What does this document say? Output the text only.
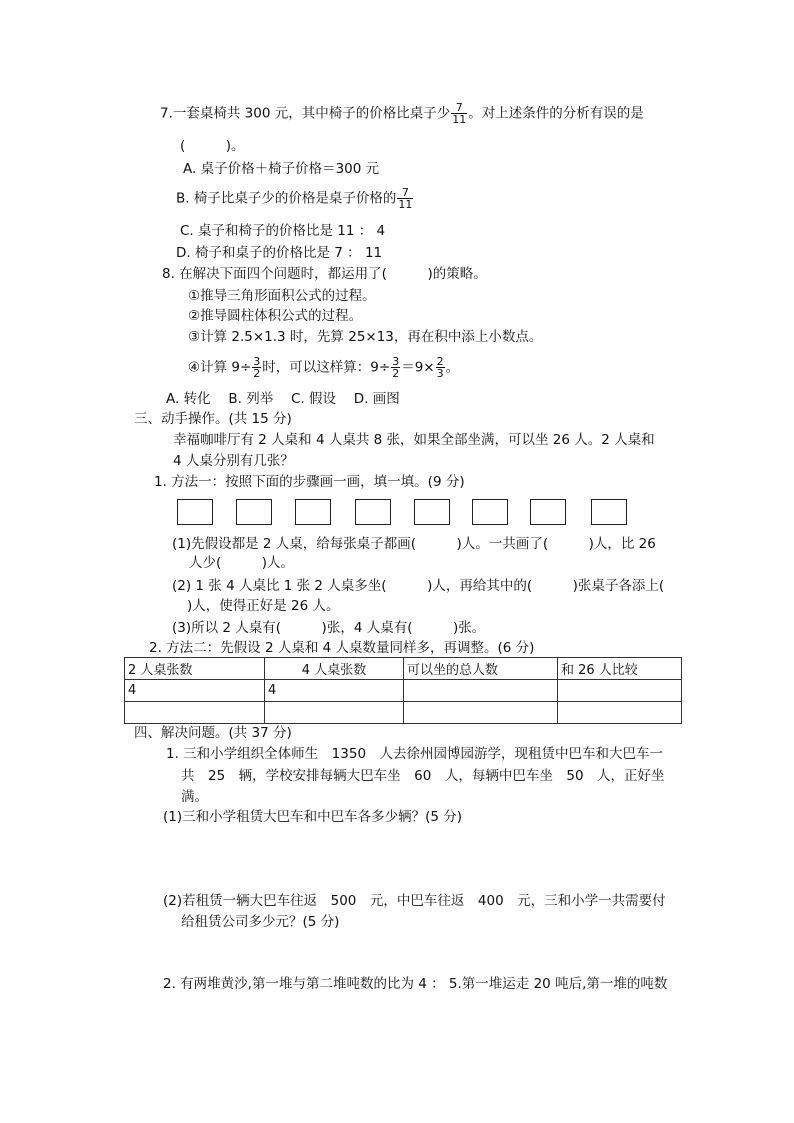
7.一套桌椅共 300 元，其中椅子的价格比桌子少 $\frac{7}{11}$ 。对上述条件的分析有误的是
(　　　)。
A. 桌子价格＋椅子价格＝300 元
B. 椅子比桌子少的价格是桌子价格的 $\frac{7}{11}$
C. 桌子和椅子的价格比是 11 ： 4
D. 椅子和桌子的价格比是 7 ： 11
8. 在解决下面四个问题时，都运用了(　　　)的策略。
①推导三角形面积公式的过程。
②推导圆柱体积公式的过程。
③计算 2.5×1.3 时，先算 25×13，再在积中添上小数点。
④计算 $9\div \frac{3}{2}$ 时，可以这样算：$9\div \frac{3}{2} =9\times \frac{2}{3}$ 。
A. 转化　 B. 列举　 C. 假设　 D. 画图
三、动手操作。(共 15 分)
幸福咖啡厅有 2 人桌和 4 人桌共 8 张，如果全部坐满，可以坐 26 人。2 人桌和
4 人桌分别有几张？
1. 方法一：按照下面的步骤画一画，填一填。(9 分)
(1)先假设都是 2 人桌，给每张桌子都画(　　　)人。一共画了(　　　)人，比 26
人少(　　　)人。
(2) 1 张 4 人桌比 1 张 2 人桌多坐(　　　)人，再给其中的(　　　)张桌子各添上(
)人，使得正好是 26 人。
(3)所以 2 人桌有(　　　)张，4 人桌有(　　　)张。
2. 方法二：先假设 2 人桌和 4 人桌数量同样多，再调整。(6 分)
2 人桌张数	4 人桌张数	可以坐的总人数	和 26 人比较
4	4		

四、解决问题。(共 37 分)
1. 三和小学组织全体师生　1350　人去徐州园博园游学，现租赁中巴车和大巴车一
共　25　辆，学校安排每辆大巴车坐　60　人，每辆中巴车坐　50　人，正好坐
满。
(1)三和小学租赁大巴车和中巴车各多少辆？(5 分)
(2)若租赁一辆大巴车往返　500　元，中巴车往返　400　元，三和小学一共需要付
给租赁公司多少元？(5 分)
2. 有两堆黄沙,第一堆与第二堆吨数的比为 4 ： 5.第一堆运走 20 吨后,第一堆的吨数
